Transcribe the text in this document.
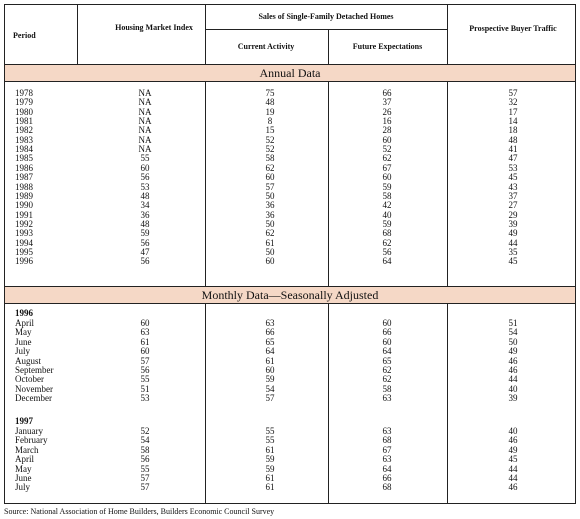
Period
Housing Market Index
Sales of Single-Family Detached Homes
Current Activity	Future Expectations
Prospective Buyer Traffic
Annual Data
1978	NA	75	66	57
1979	NA	48	37	32
1980	NA	19	26	17
1981	NA	8	16	14
1982	NA	15	28	18
1983	NA	52	60	48
1984	NA	52	52	41
1985	55	58	62	47
1986	60	62	67	53
1987	56	60	60	45
1988	53	57	59	43
1989	48	50	58	37
1990	34	36	42	27
1991	36	36	40	29
1992	48	50	59	39
1993	59	62	68	49
1994	56	61	62	44
1995	47	50	56	35
1996	56	60	64	45
Monthly Data—Seasonally Adjusted
1996
April	60	63	60	51
May	63	66	66	54
June	61	65	60	50
July	60	64	64	49
August	57	61	65	46
September	56	60	62	46
October	55	59	62	44
November	51	54	58	40
December	53	57	63	39
1997
January	52	55	63	40
February	54	55	68	46
March	58	61	67	49
April	56	59	63	45
May	55	59	64	44
June	57	61	66	44
July	57	61	68	46
Source: National Association of Home Builders, Builders Economic Council Survey
